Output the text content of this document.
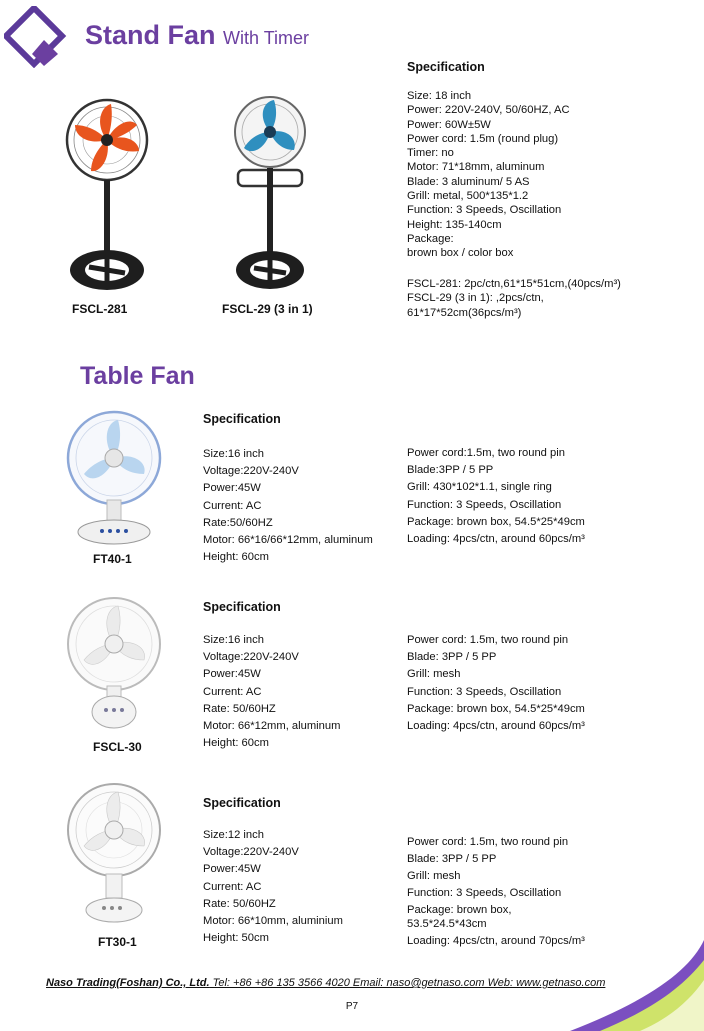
Stand Fan With Timer
FSCL-281	FSCL-29 (3 in 1)
Specification
Size: 18 inch
Power: 220V-240V, 50/60HZ, AC
Power: 60W±5W
Power cord: 1.5m (round plug)
Timer: no
Motor: 71*18mm, aluminum
Blade: 3 aluminum/ 5 AS
Grill: metal, 500*135*1.2
Function: 3 Speeds, Oscillation
Height: 135-140cm
Package:
brown box / color box
FSCL-281: 2pc/ctn,61*15*51cm,(40pcs/m³)
FSCL-29 (3 in 1): ,2pcs/ctn,
61*17*52cm(36pcs/m³)
Table Fan
FT40-1
Specification
Size:16 inch
Voltage:220V-240V
Power:45W
Current: AC
Rate:50/60HZ
Motor: 66*16/66*12mm, aluminum
Height: 60cm
Power cord:1.5m, two round pin
Blade:3PP / 5 PP
Grill: 430*102*1.1, single ring
Function: 3 Speeds, Oscillation
Package: brown box, 54.5*25*49cm
Loading: 4pcs/ctn, around 60pcs/m³
FSCL-30
Specification
Size:16 inch
Voltage:220V-240V
Power:45W
Current: AC
Rate: 50/60HZ
Motor: 66*12mm, aluminum
Height: 60cm
Power cord: 1.5m, two round pin
Blade: 3PP / 5 PP
Grill: mesh
Function: 3 Speeds, Oscillation
Package: brown box, 54.5*25*49cm
Loading: 4pcs/ctn, around 60pcs/m³
FT30-1
Specification
Size:12 inch
Voltage:220V-240V
Power:45W
Current: AC
Rate: 50/60HZ
Motor: 66*10mm, aluminium
Height: 50cm
Power cord: 1.5m, two round pin
Blade: 3PP / 5 PP
Grill: mesh
Function: 3 Speeds, Oscillation
Package: brown box,
53.5*24.5*43cm
Loading: 4pcs/ctn, around 70pcs/m³
Naso Trading(Foshan) Co., Ltd. Tel: +86 +86 135 3566 4020 Email: naso@getnaso.com Web: www.getnaso.com
P7
